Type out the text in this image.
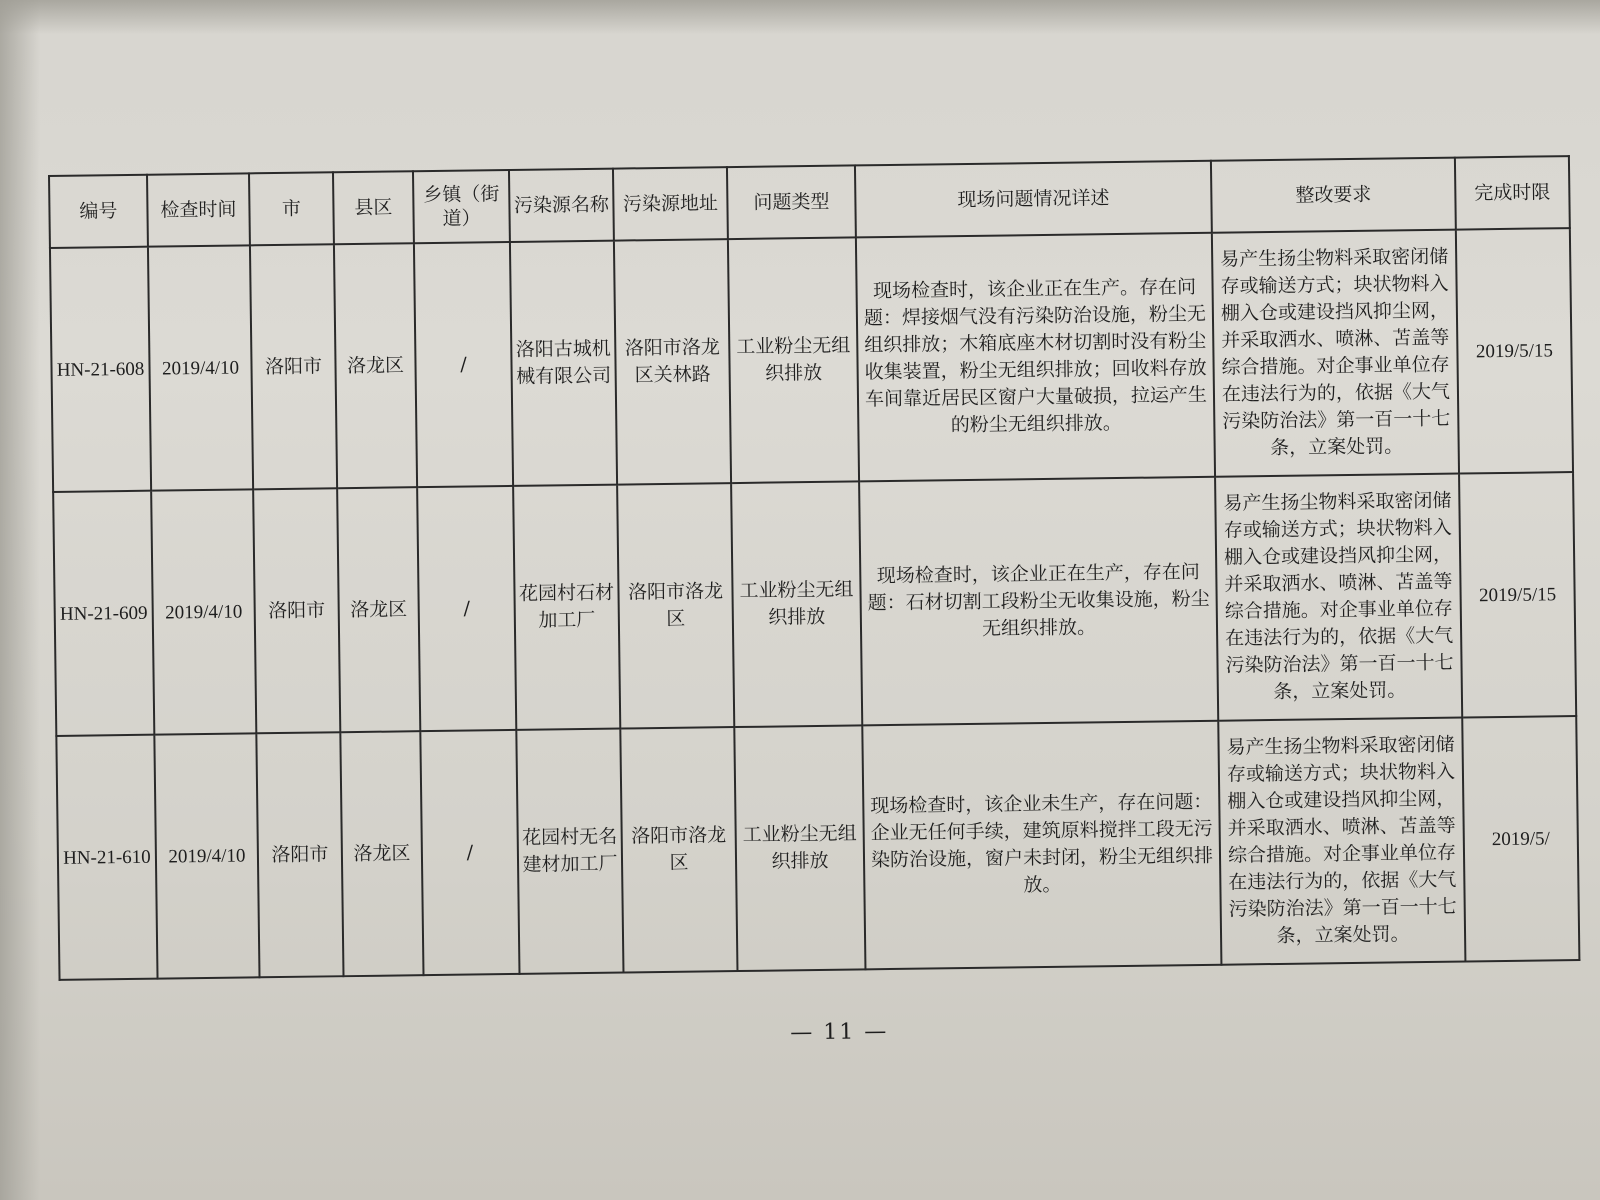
编号	检查时间	市	县区	乡镇（街道）	污染源名称	污染源地址	问题类型	现场问题情况详述	整改要求	完成时限
HN-21-608	2019/4/10	洛阳市	洛龙区	/	洛阳古城机械有限公司	洛阳市洛龙区关林路	工业粉尘无组织排放	现场检查时，该企业正在生产。存在问题：焊接烟气没有污染防治设施，粉尘无组织排放；木箱底座木材切割时没有粉尘收集装置，粉尘无组织排放；回收料存放车间靠近居民区窗户大量破损，拉运产生的粉尘无组织排放。	易产生扬尘物料采取密闭储存或输送方式；块状物料入棚入仓或建设挡风抑尘网，并采取洒水、喷淋、苫盖等综合措施。对企事业单位存在违法行为的，依据《大气污染防治法》第一百一十七条，立案处罚。	2019/5/15
HN-21-609	2019/4/10	洛阳市	洛龙区	/	花园村石材加工厂	洛阳市洛龙区	工业粉尘无组织排放	现场检查时，该企业正在生产，存在问题：石材切割工段粉尘无收集设施，粉尘无组织排放。	易产生扬尘物料采取密闭储存或输送方式；块状物料入棚入仓或建设挡风抑尘网，并采取洒水、喷淋、苫盖等综合措施。对企事业单位存在违法行为的，依据《大气污染防治法》第一百一十七条，立案处罚。	2019/5/15
HN-21-610	2019/4/10	洛阳市	洛龙区	/	花园村无名建材加工厂	洛阳市洛龙区	工业粉尘无组织排放	现场检查时，该企业未生产，存在问题：企业无任何手续，建筑原料搅拌工段无污染防治设施，窗户未封闭，粉尘无组织排放。	易产生扬尘物料采取密闭储存或输送方式；块状物料入棚入仓或建设挡风抑尘网，并采取洒水、喷淋、苫盖等综合措施。对企事业单位存在违法行为的，依据《大气污染防治法》第一百一十七条，立案处罚。	2019/5/
— 11 —
